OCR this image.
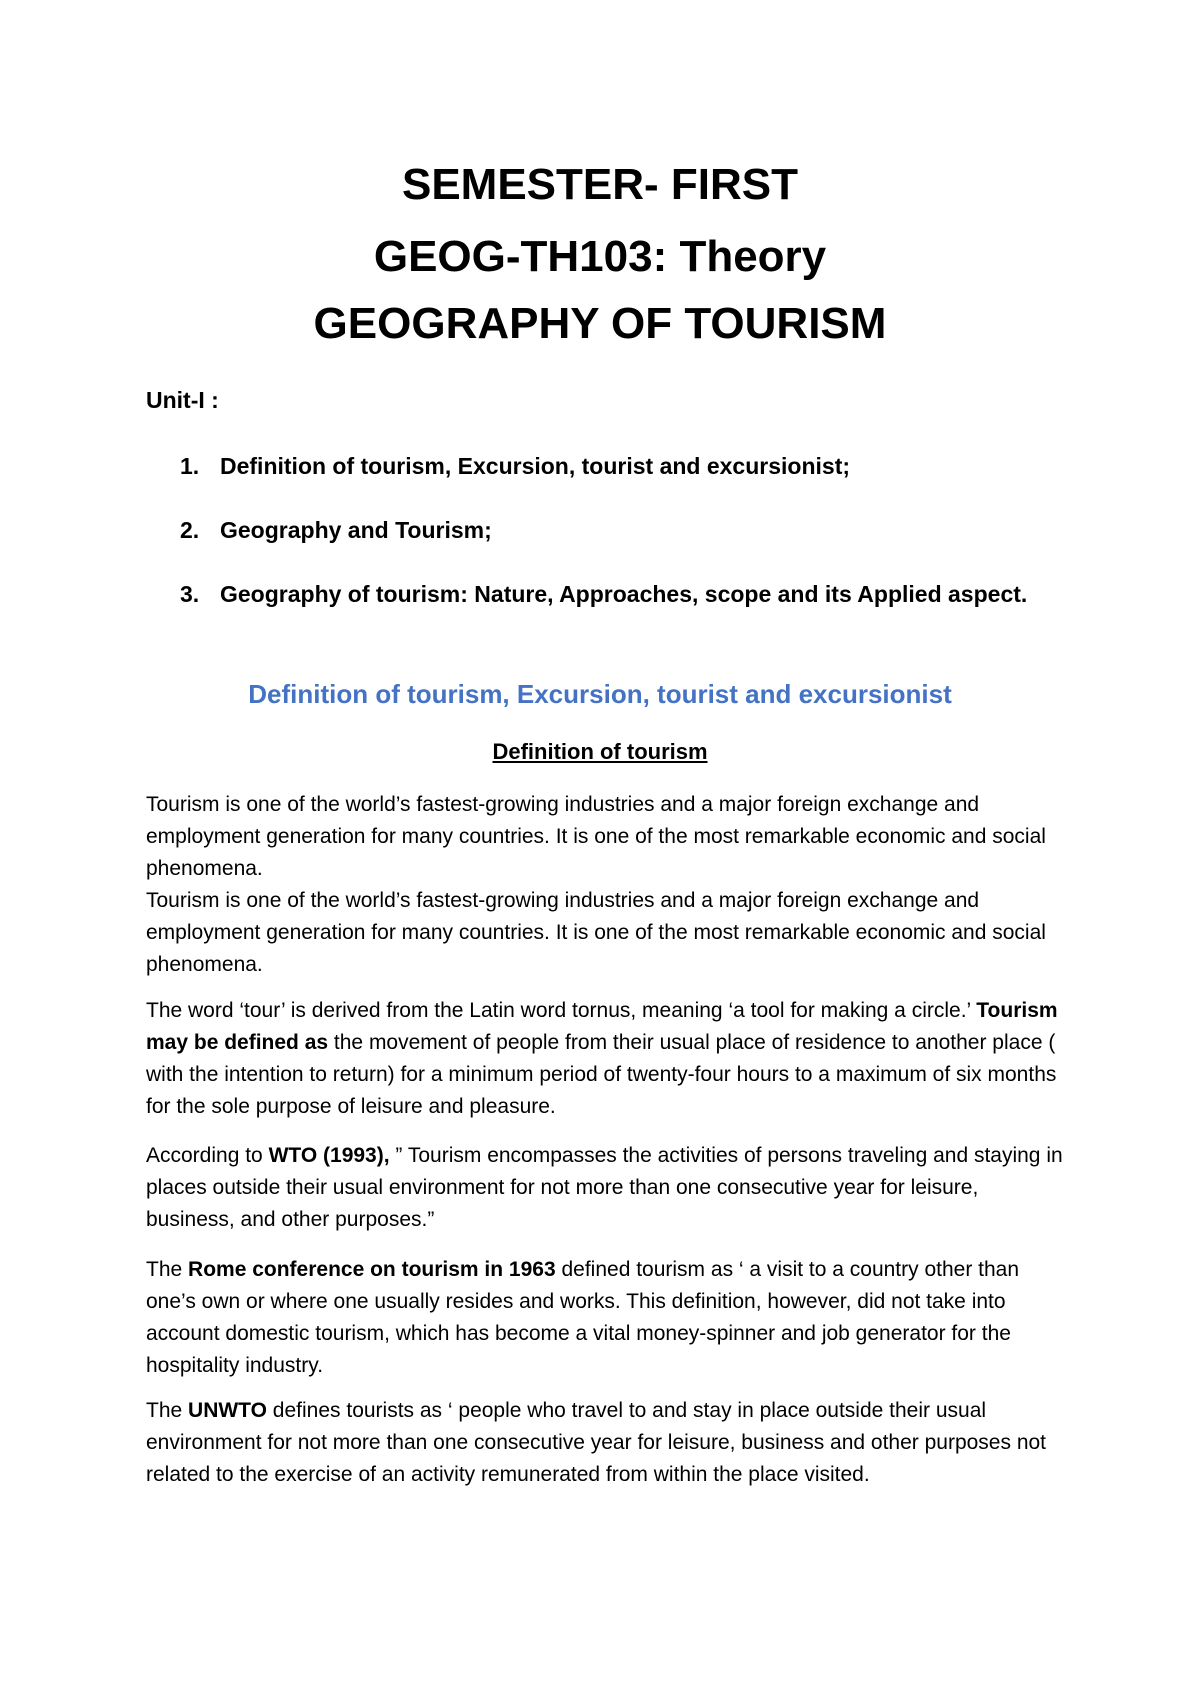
SEMESTER- FIRST
GEOG-TH103: Theory
GEOGRAPHY OF TOURISM

Unit-I :

1. Definition of tourism, Excursion, tourist and excursionist;
2. Geography and Tourism;
3. Geography of tourism: Nature, Approaches, scope and its Applied aspect.
Definition of tourism, Excursion, tourist and excursionist
Definition of tourism

Tourism is one of the world’s fastest-growing industries and a major foreign exchange and employment generation for many countries. It is one of the most remarkable economic and social phenomena.

Tourism is one of the world’s fastest-growing industries and a major foreign exchange and employment generation for many countries. It is one of the most remarkable economic and social phenomena.

The word ‘tour’ is derived from the Latin word tornus, meaning ‘a tool for making a circle.’ Tourism may be defined as the movement of people from their usual place of residence to another place ( with the intention to return) for a minimum period of twenty-four hours to a maximum of six months for the sole purpose of leisure and pleasure.

According to WTO (1993), ” Tourism encompasses the activities of persons traveling and staying in places outside their usual environment for not more than one consecutive year for leisure, business, and other purposes.”

The Rome conference on tourism in 1963 defined tourism as ‘ a visit to a country other than one’s own or where one usually resides and works. This definition, however, did not take into account domestic tourism, which has become a vital money-spinner and job generator for the hospitality industry.

The UNWTO defines tourists as ‘ people who travel to and stay in place outside their usual environment for not more than one consecutive year for leisure, business and other purposes not related to the exercise of an activity remunerated from within the place visited.
